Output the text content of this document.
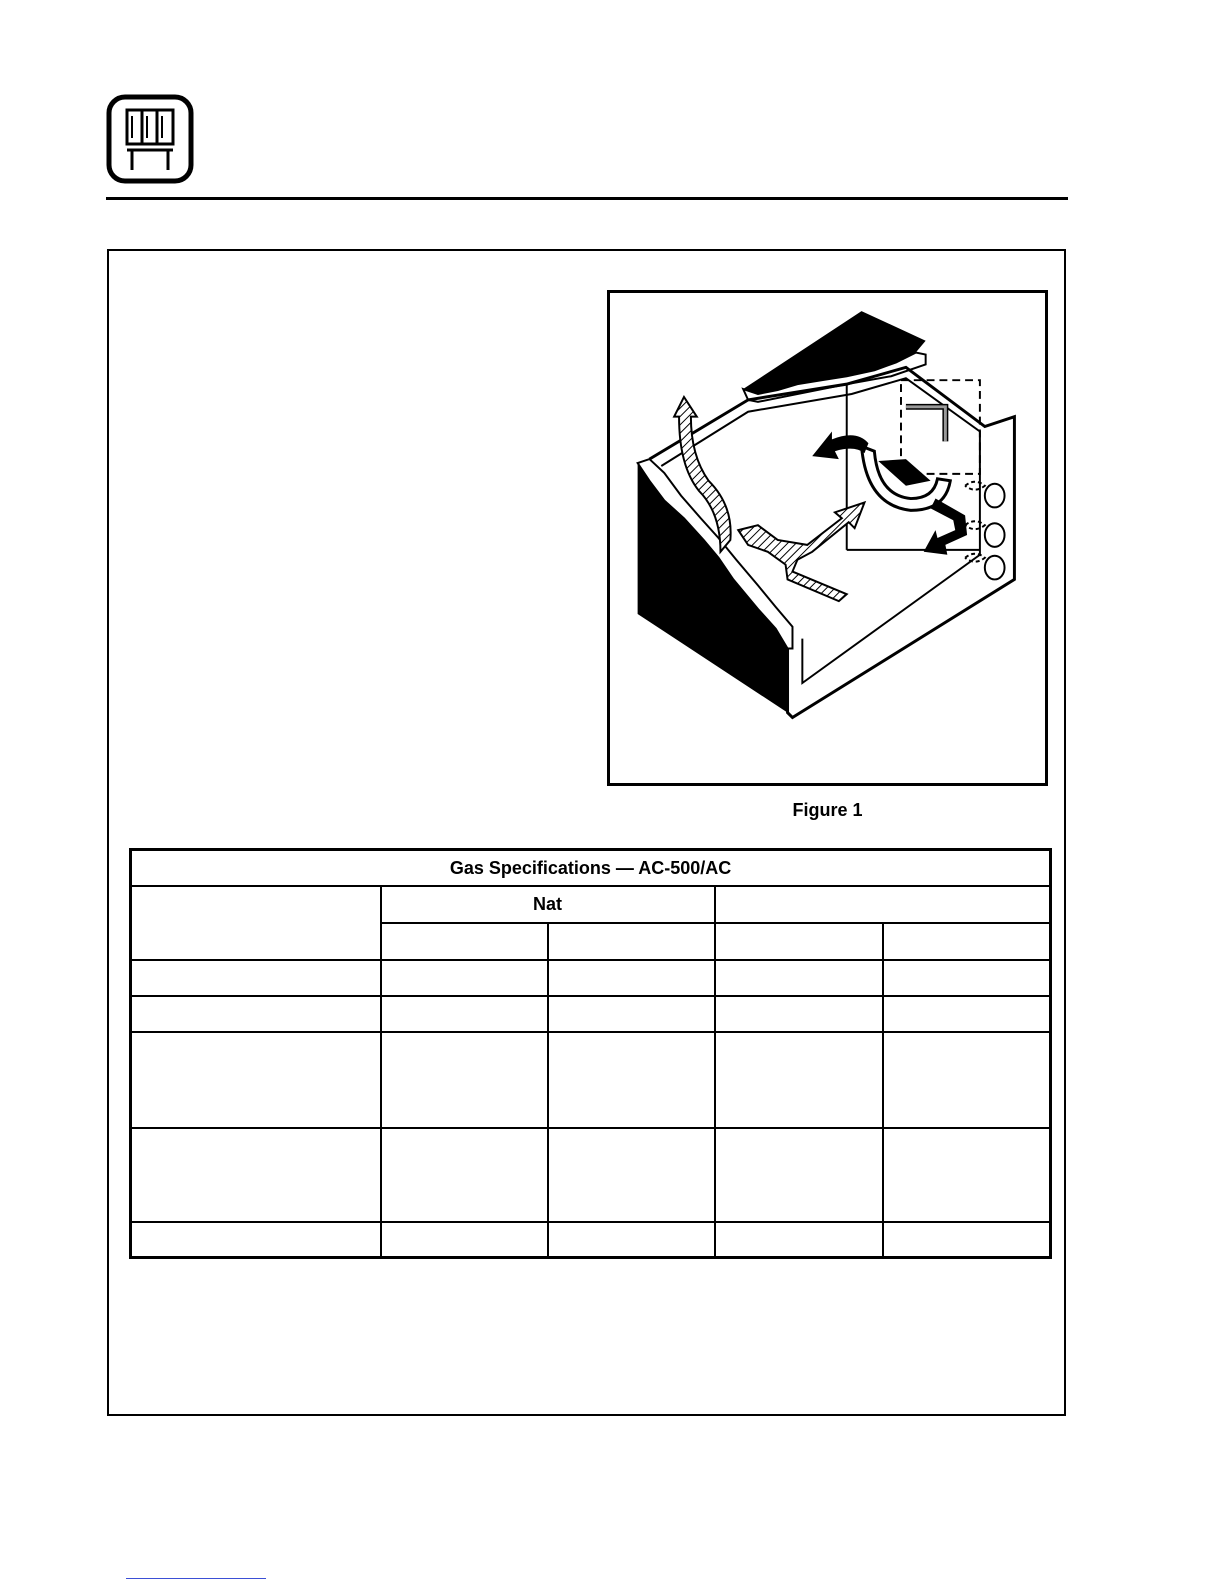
Figure 1
Gas Specifications — AC-500/AC				
	Nat			
